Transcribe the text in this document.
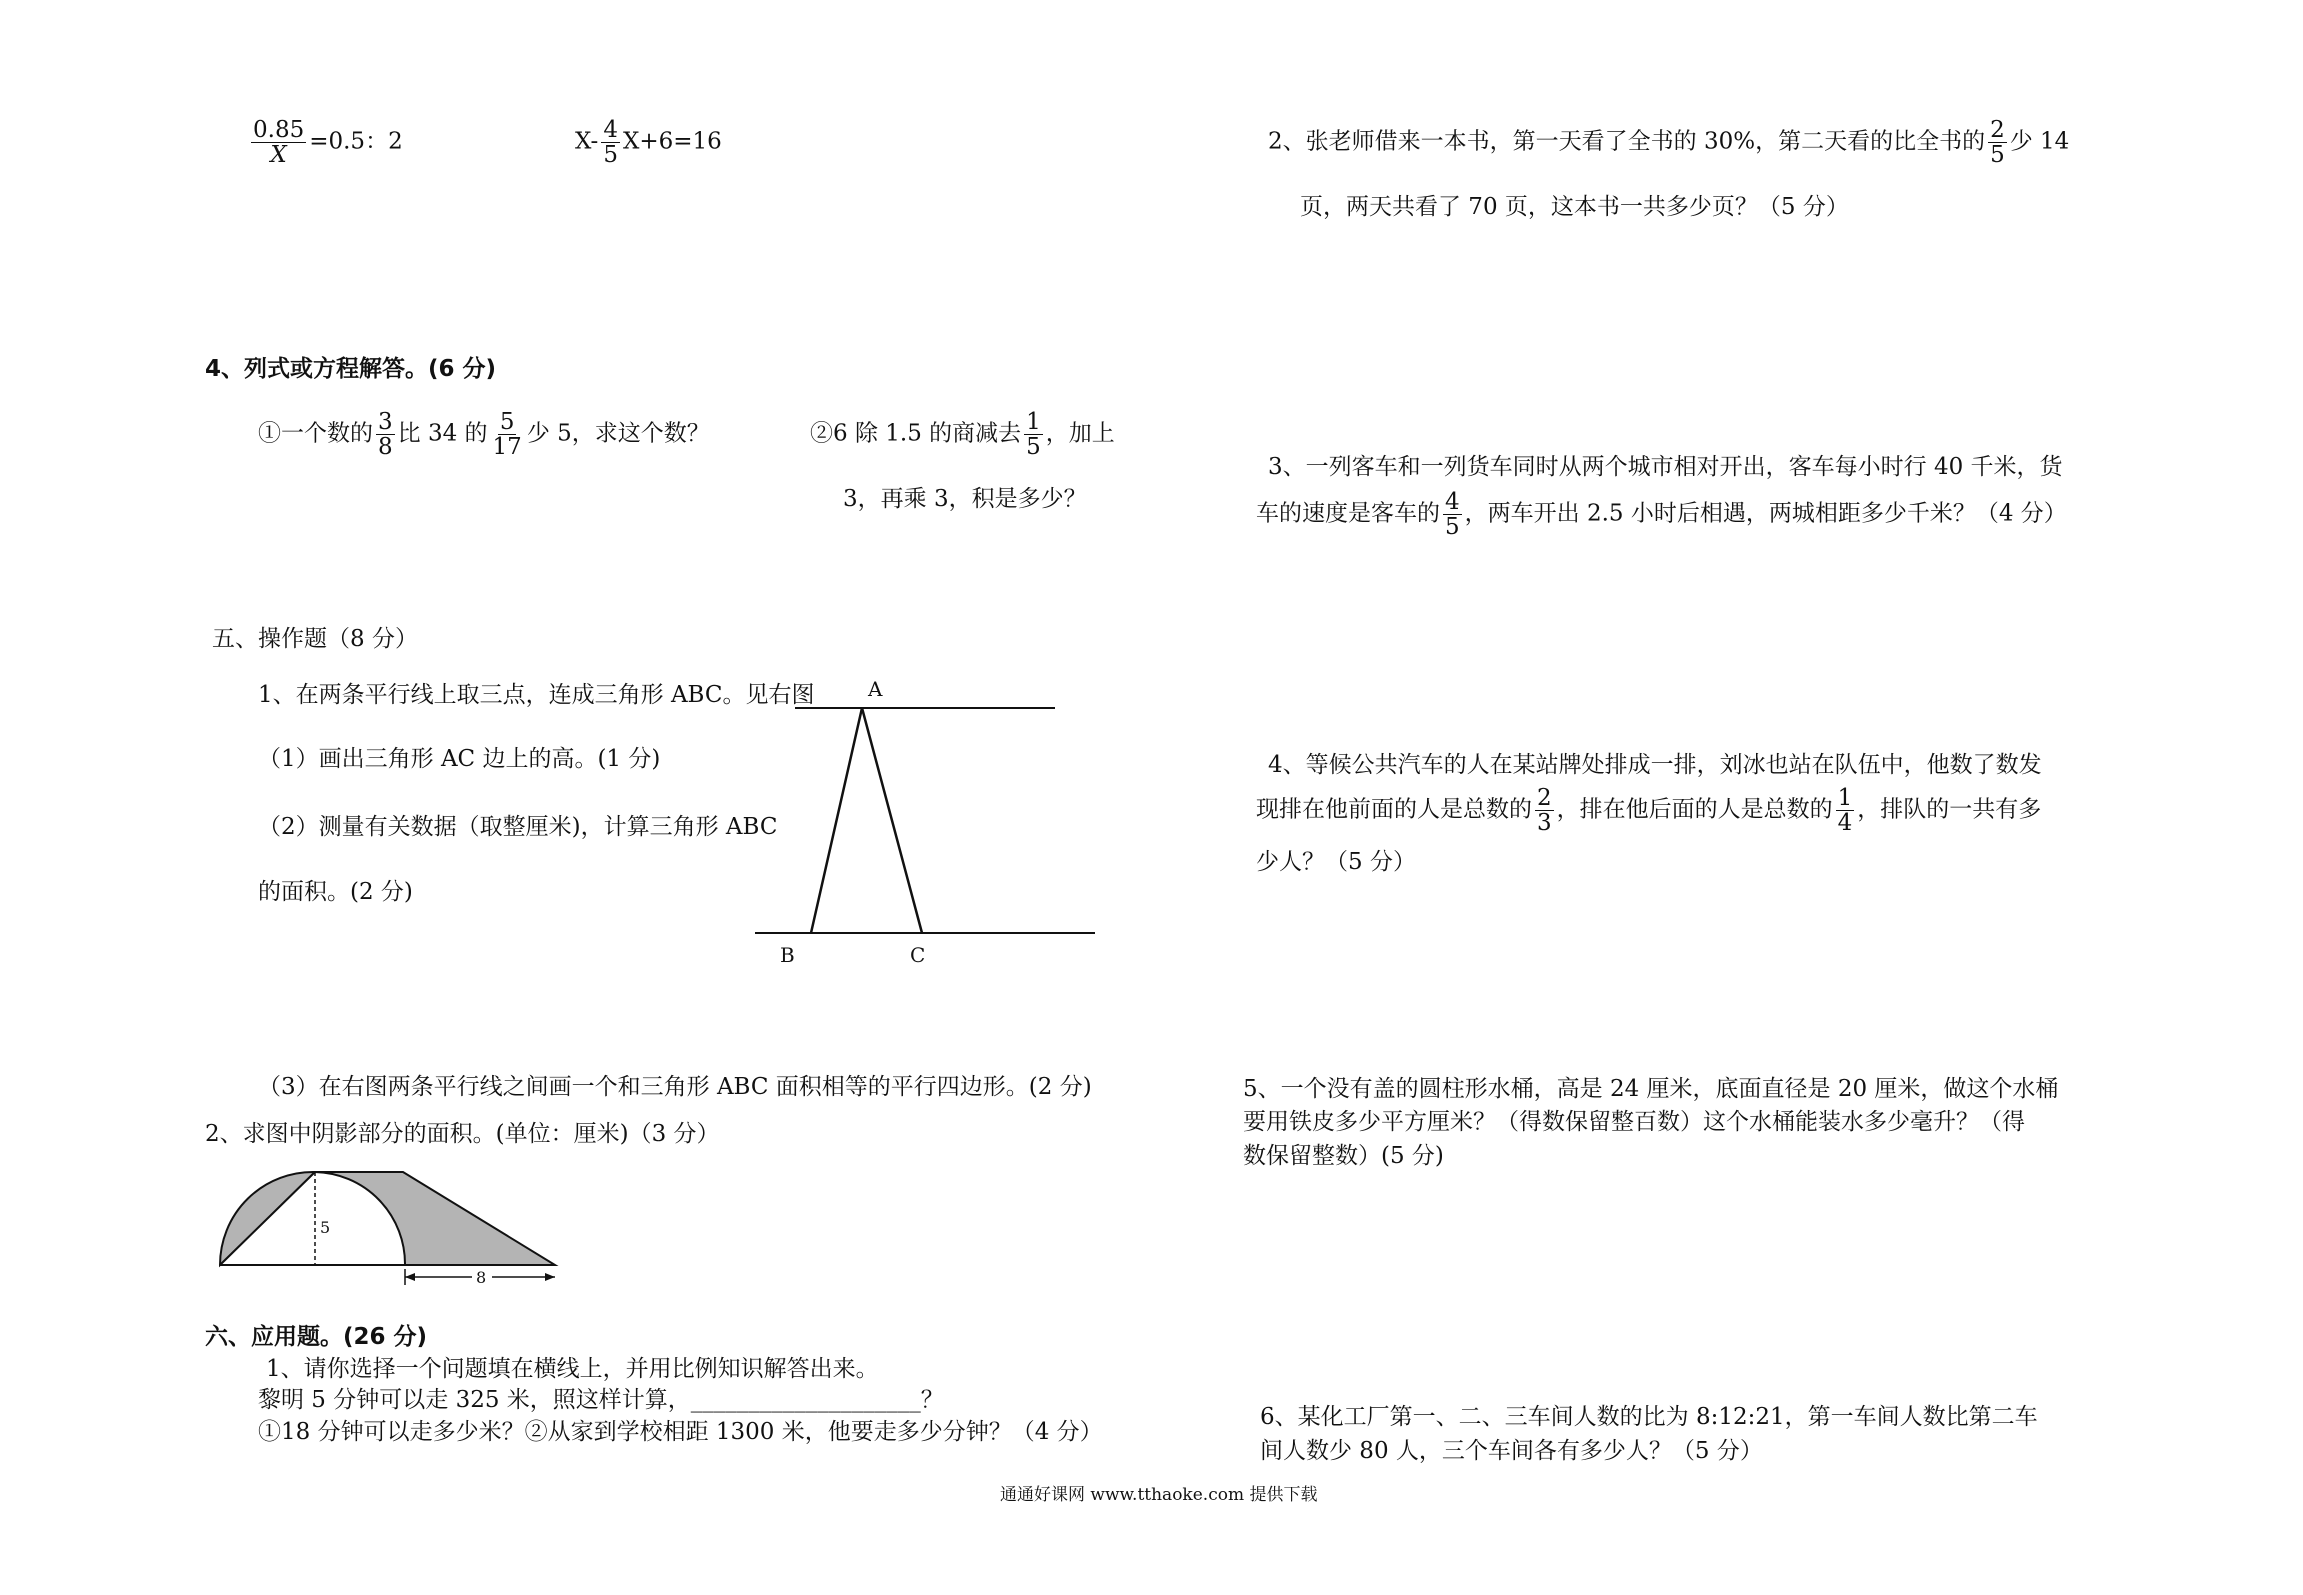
$\frac{0.85}{X} =0.5$：2	$X- \frac{4}{5} X+6=16$
4、列式或方程解答。(6 分)
①一个数的 $\frac{3}{8}$ 比 34 的 $\frac{5}{17}$ 少 5，求这个数？	②6 除 1.5 的商减去 $\frac{1}{5}$ ，加上
3，再乘 3，积是多少？
五、操作题（8 分）
1、在两条平行线上取三点，连成三角形 ABC。见右图
（1）画出三角形 AC 边上的高。(1 分)
（2）测量有关数据（取整厘米)，计算三角形 ABC
的面积。(2 分)
A
B	C
（3）在右图两条平行线之间画一个和三角形 ABC 面积相等的平行四边形。(2 分)
2、求图中阴影部分的面积。(单位：厘米)（3 分）
5
8
六、应用题。(26 分)
1、请你选择一个问题填在横线上，并用比例知识解答出来。
黎明 5 分钟可以走 325 米，照这样计算，____________________？
①18 分钟可以走多少米？②从家到学校相距 1300 米，他要走多少分钟？（4 分）
2、张老师借来一本书，第一天看了全书的 30%，第二天看的比全书的 $\frac{2}{5}$ 少 14
页，两天共看了 70 页，这本书一共多少页？（5 分）
3、一列客车和一列货车同时从两个城市相对开出，客车每小时行 40 千米，货
车的速度是客车的 $\frac{4}{5}$ ，两车开出 2.5 小时后相遇，两城相距多少千米？（4 分）
4、等候公共汽车的人在某站牌处排成一排，刘冰也站在队伍中，他数了数发
现排在他前面的人是总数的 $\frac{2}{3}$ ，排在他后面的人是总数的 $\frac{1}{4}$ ，排队的一共有多
少人？（5 分）
5、一个没有盖的圆柱形水桶，高是 24 厘米，底面直径是 20 厘米，做这个水桶
要用铁皮多少平方厘米？（得数保留整百数）这个水桶能装水多少毫升？（得
数保留整数）(5 分)
6、某化工厂第一、二、三车间人数的比为 8:12:21，第一车间人数比第二车
间人数少 80 人，三个车间各有多少人？（5 分）
通通好课网 www.tthaoke.com 提供下载
